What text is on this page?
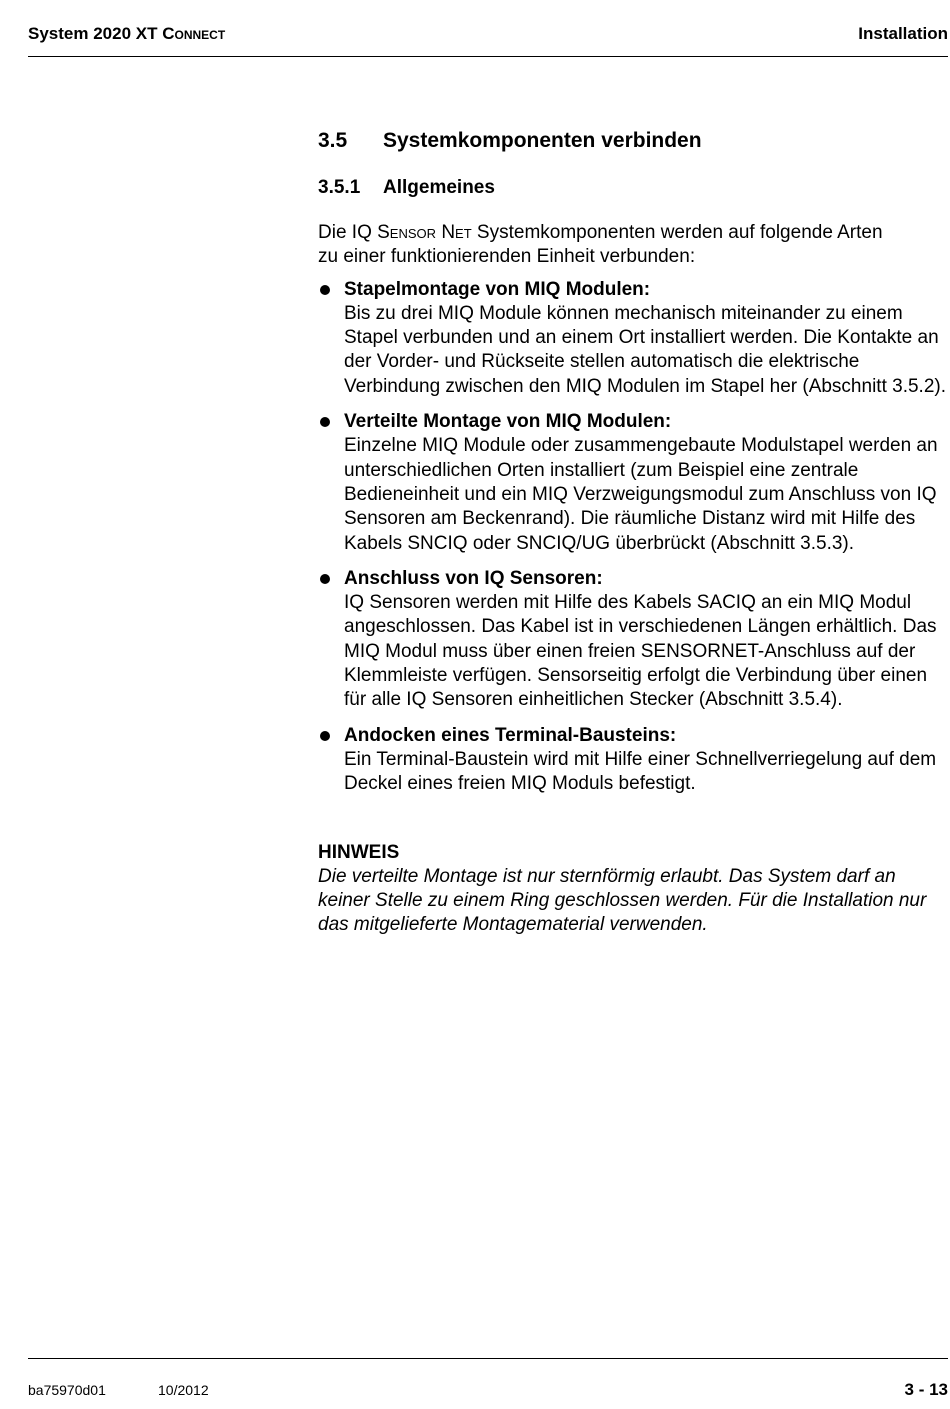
System 2020 XT Connect	Installation
3.5 Systemkomponenten verbinden
3.5.1 Allgemeines

Die IQ Sensor Net Systemkomponenten werden auf folgende Arten
zu einer funktionierenden Einheit verbunden:

Stapelmontage von MIQ Modulen:
Bis zu drei MIQ Module können mechanisch miteinander zu einem Stapel verbunden und an einem Ort installiert werden. Die Kontakte an der Vorder- und Rückseite stellen automatisch die elektrische Verbindung zwischen den MIQ Modulen im Stapel her (Abschnitt 3.5.2).
Verteilte Montage von MIQ Modulen:
Einzelne MIQ Module oder zusammengebaute Modulstapel werden an unterschiedlichen Orten installiert (zum Beispiel eine zentrale Bedieneinheit und ein MIQ Verzweigungsmodul zum Anschluss von IQ Sensoren am Beckenrand). Die räumliche Distanz wird mit Hilfe des Kabels SNCIQ oder SNCIQ/UG überbrückt (Abschnitt 3.5.3).
Anschluss von IQ Sensoren:
IQ Sensoren werden mit Hilfe des Kabels SACIQ an ein MIQ Modul angeschlossen. Das Kabel ist in verschiedenen Längen erhältlich. Das MIQ Modul muss über einen freien SENSORNET-Anschluss auf der Klemmleiste verfügen. Sensorseitig erfolgt die Verbindung über einen für alle IQ Sensoren einheitlichen Stecker (Abschnitt 3.5.4).
Andocken eines Terminal-Bausteins:
Ein Terminal-Baustein wird mit Hilfe einer Schnellverriegelung auf dem Deckel eines freien MIQ Moduls befestigt.
HINWEIS
Die verteilte Montage ist nur sternförmig erlaubt. Das System darf an keiner Stelle zu einem Ring geschlossen werden. Für die Installation nur das mitgelieferte Montagematerial verwenden.
ba75970d01	10/2012	3 - 13
